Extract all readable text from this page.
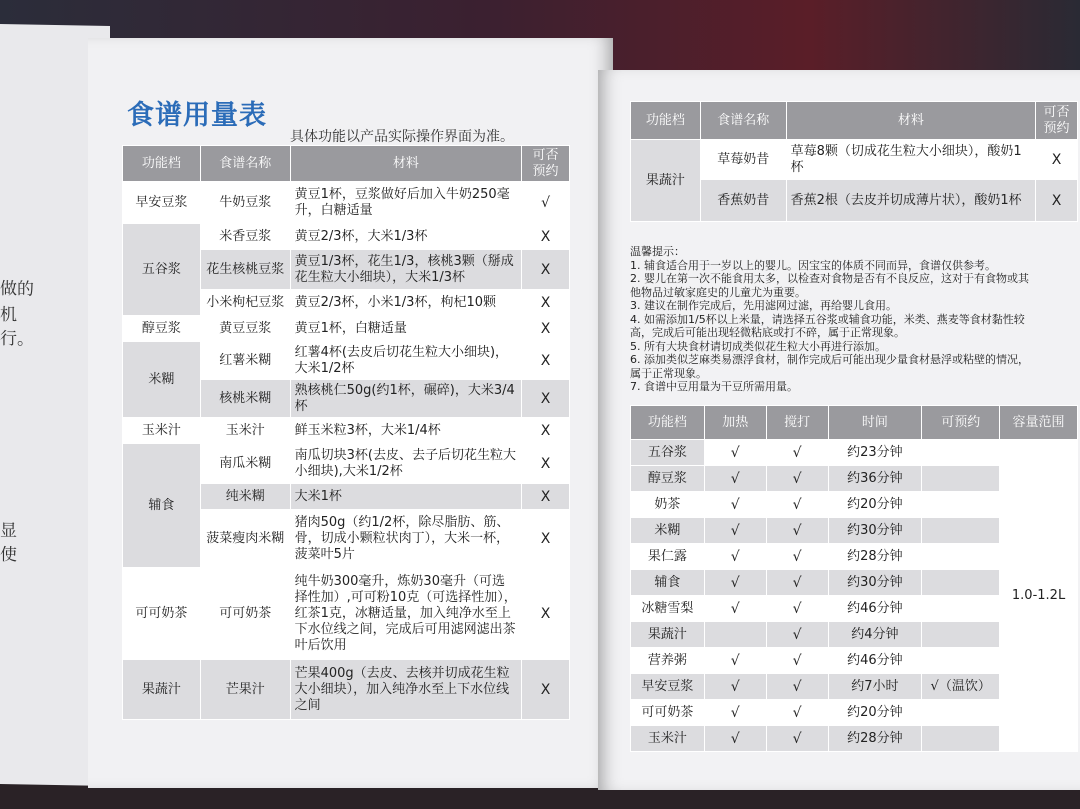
做的
机
行。
显
使
食谱用量表
具体功能以产品实际操作界面为准。
功能档	食谱名称	材料	可否
预约
早安豆浆	牛奶豆浆	黄豆1杯，豆浆做好后加入牛奶250毫升，白糖适量	√
五谷浆	米香豆浆	黄豆2/3杯，大米1/3杯	X
	花生核桃豆浆	黄豆1/3杯，花生1/3，核桃3颗（掰成花生粒大小细块），大米1/3杯	X
	小米枸杞豆浆	黄豆2/3杯，小米1/3杯，枸杞10颗	X
醇豆浆	黄豆豆浆	黄豆1杯，白糖适量	X
米糊	红薯米糊	红薯4杯(去皮后切花生粒大小细块)，大米1/2杯	X
	核桃米糊	熟核桃仁50g(约1杯，碾碎)，大米3/4杯	X
玉米汁	玉米汁	鲜玉米粒3杯，大米1/4杯	X
辅食	南瓜米糊	南瓜切块3杯(去皮、去子后切花生粒大小细块),大米1/2杯	X
	纯米糊	大米1杯	X
	菠菜瘦肉米糊	猪肉50g（约1/2杯，除尽脂肪、筋、骨，切成小颗粒状肉丁），大米一杯，菠菜叶5片	X
可可奶茶	可可奶茶	纯牛奶300毫升，炼奶30毫升（可选择性加）,可可粉10克（可选择性加），红茶1克，冰糖适量，加入纯净水至上下水位线之间，完成后可用滤网滤出茶叶后饮用	X
果蔬汁	芒果汁	芒果400g（去皮、去核并切成花生粒大小细块），加入纯净水至上下水位线之间	X
功能档	食谱名称	材料	可否
预约
果蔬汁	草莓奶昔	草莓8颗（切成花生粒大小细块），酸奶1杯	X
	香蕉奶昔	香蕉2根（去皮并切成薄片状），酸奶1杯	X
温馨提示：
1. 辅食适合用于一岁以上的婴儿。因宝宝的体质不同而异，食谱仅供参考。
2. 婴儿在第一次不能食用太多，以检查对食物是否有不良反应，这对于有食物或其
他物品过敏家庭史的儿童尤为重要。
3. 建议在制作完成后，先用滤网过滤，再给婴儿食用。
4. 如需添加1/5杯以上米量，请选择五谷浆或辅食功能，米类、燕麦等食材黏性较
高，完成后可能出现轻微粘底或打不碎，属于正常现象。
5. 所有大块食材请切成类似花生粒大小再进行添加。
6. 添加类似芝麻类易漂浮食材，制作完成后可能出现少量食材悬浮或粘壁的情况，
属于正常现象。
7. 食谱中豆用量为干豆所需用量。
功能档	加热	搅打	时间	可预约	容量范围
五谷浆	√	√	约23分钟		1.0-1.2L
醇豆浆	√	√	约36分钟		
奶茶	√	√	约20分钟		
米糊	√	√	约30分钟		
果仁露	√	√	约28分钟		
辅食	√	√	约30分钟		
冰糖雪梨	√	√	约46分钟		
果蔬汁		√	约4分钟		
营养粥	√	√	约46分钟		
早安豆浆	√	√	约7小时	√（温饮）	
可可奶茶	√	√	约20分钟		
玉米汁	√	√	约28分钟		
